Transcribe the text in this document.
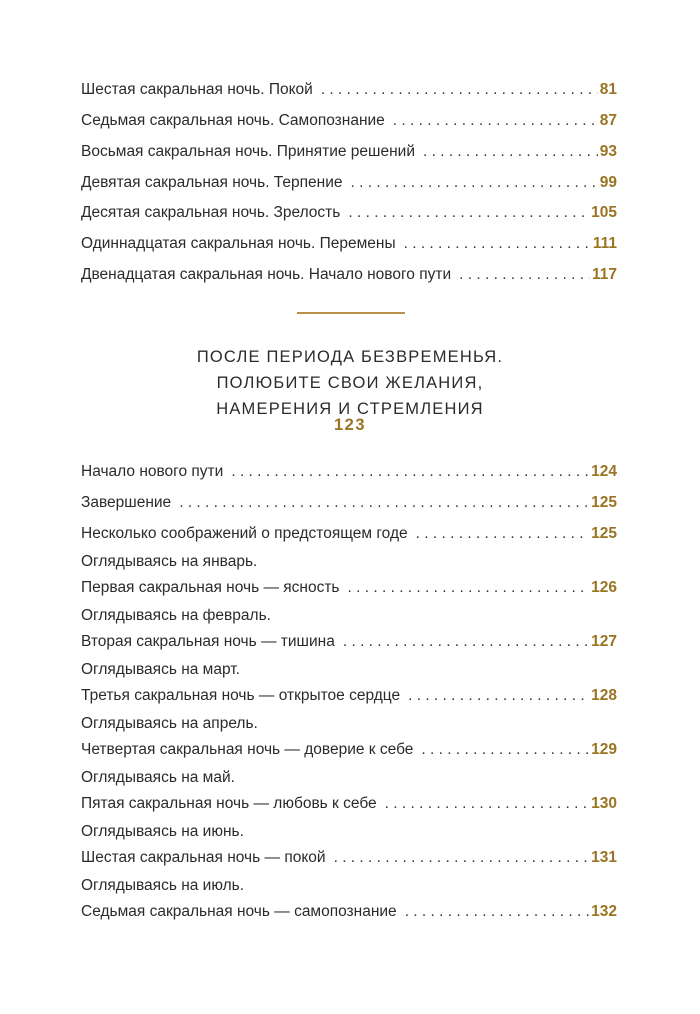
Шестая сакральная ночь. Покой . . .	81
Седьмая сакральная ночь. Самопознание . . .	87
Восьмая сакральная ночь. Принятие решений . . .	93
Девятая сакральная ночь. Терпение . . .	99
Десятая сакральная ночь. Зрелость . . .	105
Одиннадцатая сакральная ночь. Перемены . . .	111
Двенадцатая сакральная ночь. Начало нового пути . . .	117
ПОСЛЕ ПЕРИОДА БЕЗВРЕМЕНЬЯ.
ПОЛЮБИТЕ СВОИ ЖЕЛАНИЯ,
НАМЕРЕНИЯ И СТРЕМЛЕНИЯ
123
Начало нового пути . . .	124
Завершение . . .	125
Несколько соображений о предстоящем годе . . .	125
Оглядываясь на январь.
Первая сакральная ночь — ясность . . .	126
Оглядываясь на февраль.
Вторая сакральная ночь — тишина . . .	127
Оглядываясь на март.
Третья сакральная ночь — открытое сердце . . .	128
Оглядываясь на апрель.
Четвертая сакральная ночь — доверие к себе . . .	129
Оглядываясь на май.
Пятая сакральная ночь — любовь к себе . . .	130
Оглядываясь на июнь.
Шестая сакральная ночь — покой . . .	131
Оглядываясь на июль.
Седьмая сакральная ночь — самопознание . . .	132
